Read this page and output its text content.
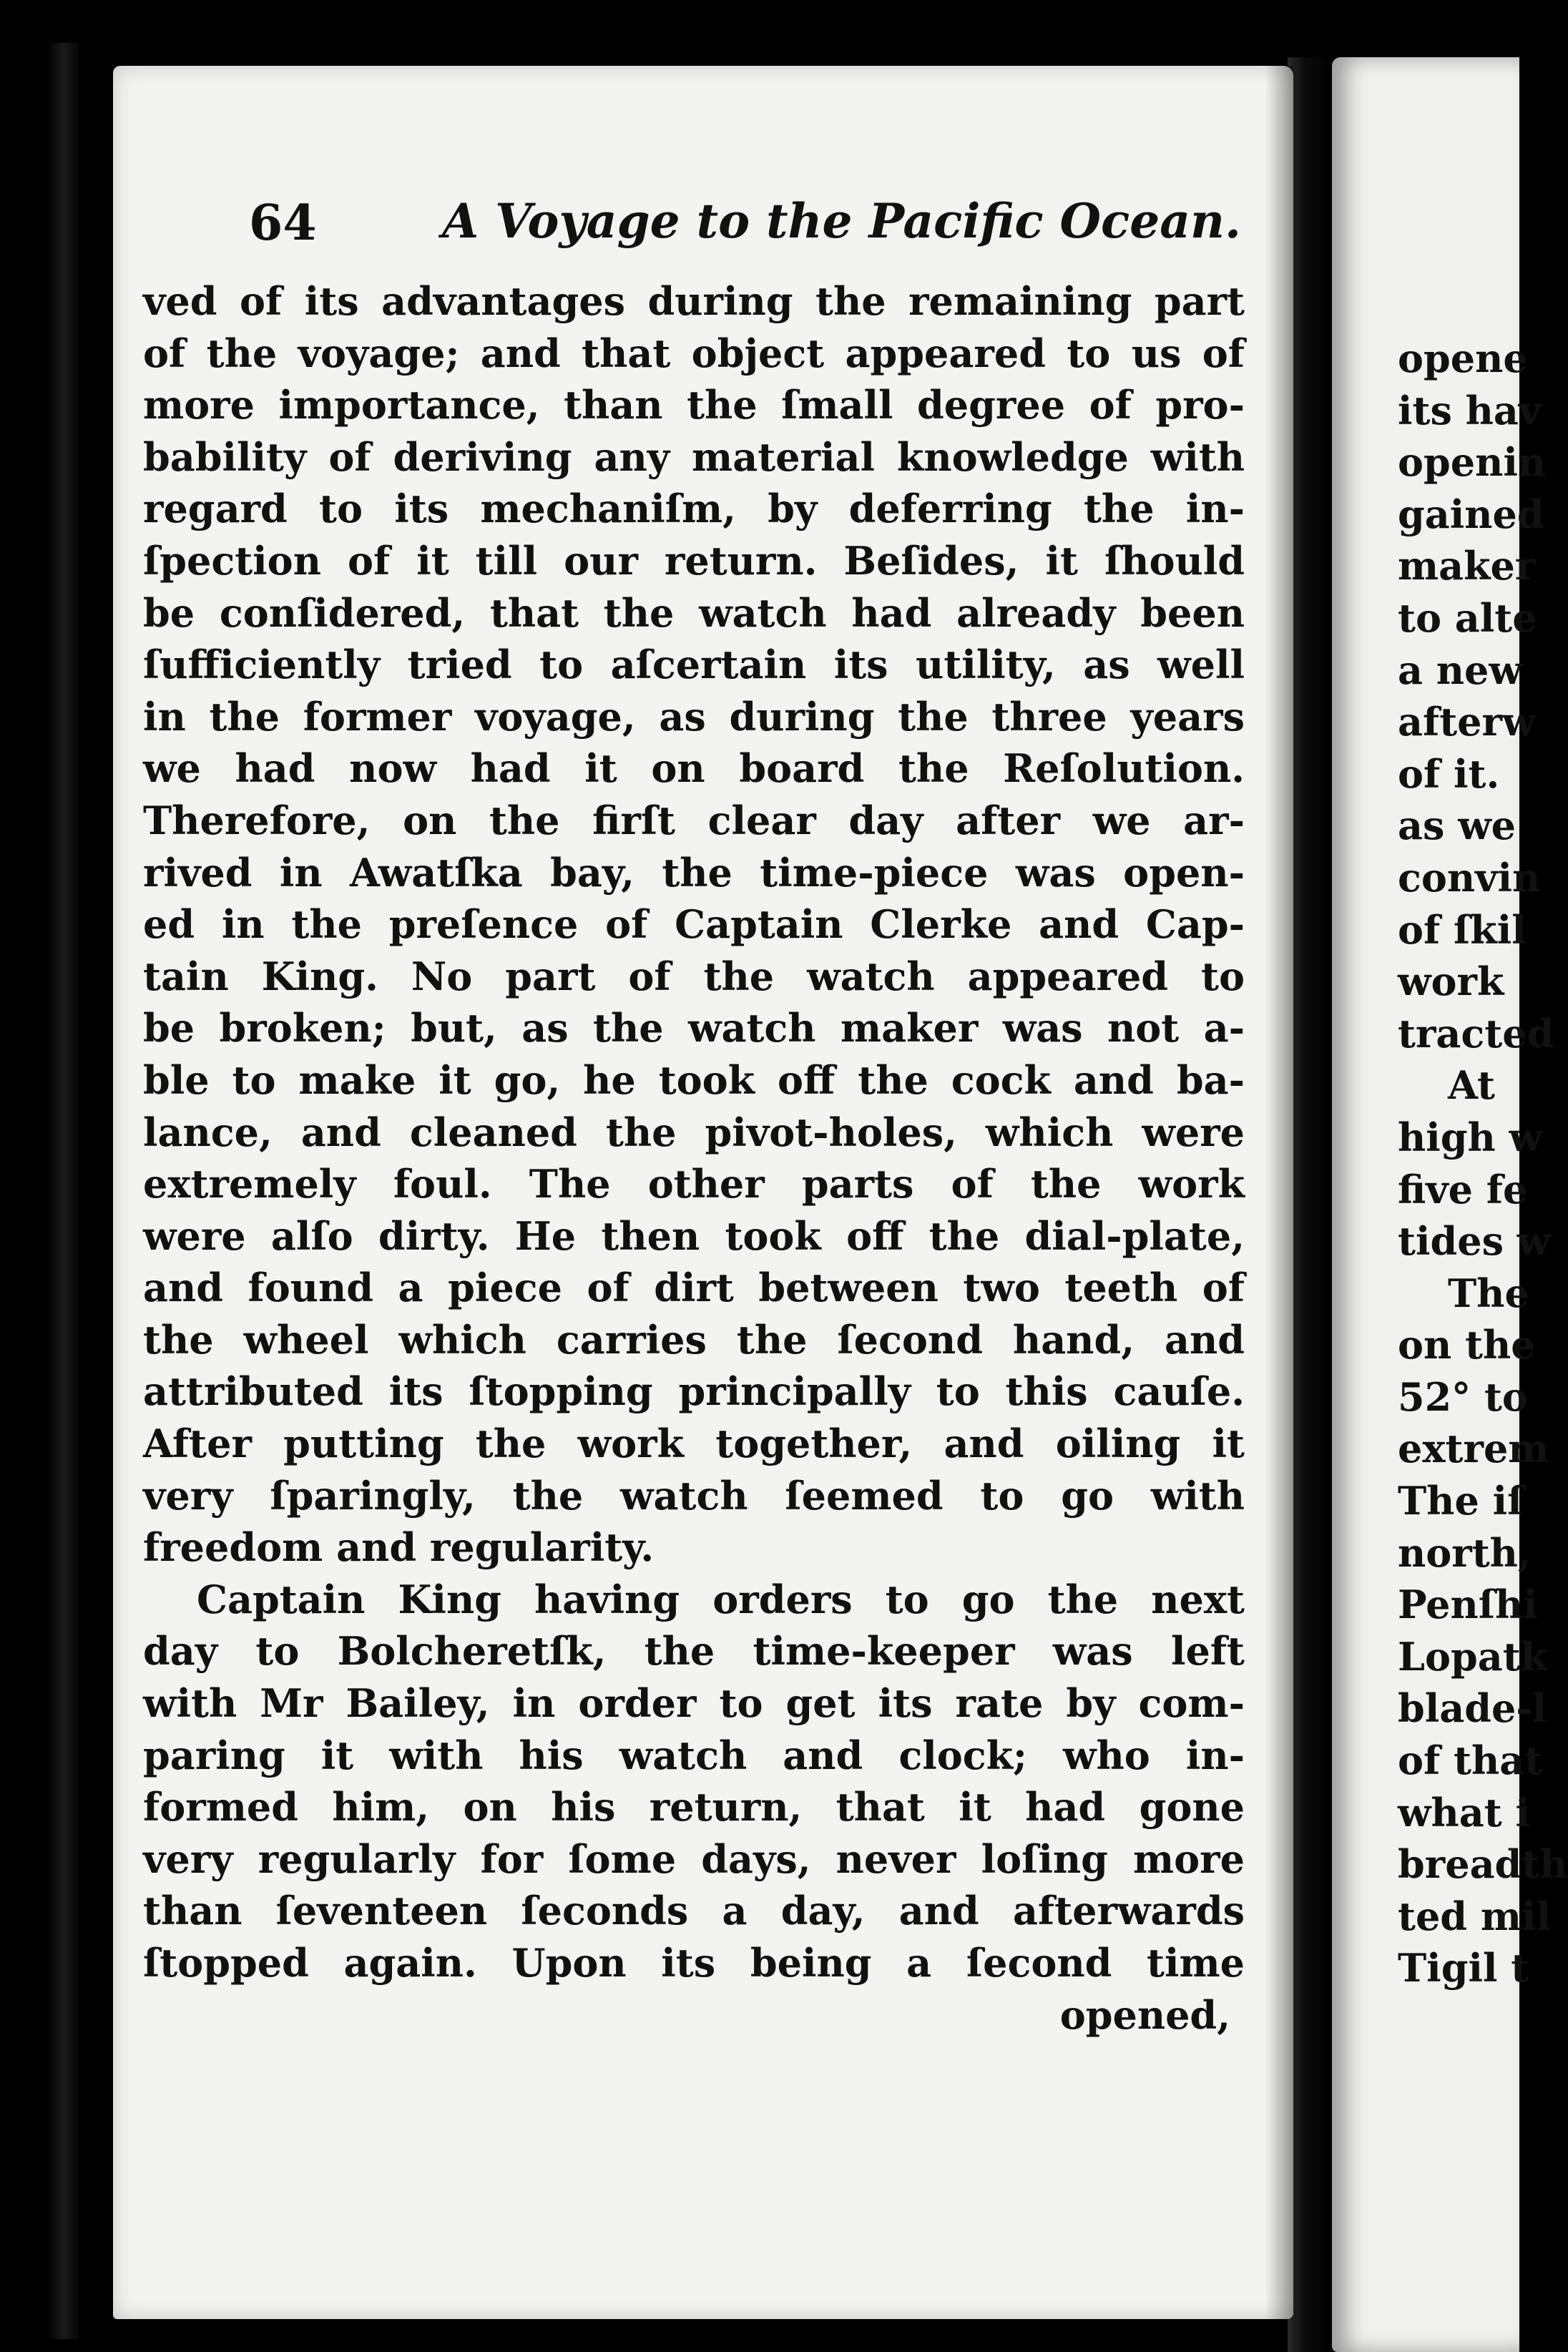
64	A Voyage to the Pacific Ocean.
ved of its advantages during the remaining part
of the voyage; and that object appeared to us of
more importance, than the ſmall degree of pro-
bability of deriving any material knowledge with
regard to its mechaniſm, by deferring the in-
ſpection of it till our return. Beſides, it ſhould
be conſidered, that the watch had already been
ſufficiently tried to aſcertain its utility, as well
in the former voyage, as during the three years
we had now had it on board the Reſolution.
Therefore, on the firſt clear day after we ar-
rived in Awatſka bay, the time-piece was open-
ed in the preſence of Captain Clerke and Cap-
tain King. No part of the watch appeared to
be broken; but, as the watch maker was not a-
ble to make it go, he took off the cock and ba-
lance, and cleaned the pivot-holes, which were
extremely foul. The other parts of the work
were alſo dirty. He then took off the dial-plate,
and found a piece of dirt between two teeth of
the wheel which carries the ſecond hand, and
attributed its ſtopping principally to this cauſe.
After putting the work together, and oiling it
very ſparingly, the watch ſeemed to go with
freedom and regularity.
Captain King having orders to go the next
day to Bolcheretſk, the time-keeper was left
with Mr Bailey, in order to get its rate by com-
paring it with his watch and clock; who in-
formed him, on his return, that it had gone
very regularly for ſome days, never loſing more
than ſeventeen ſeconds a day, and afterwards
ſtopped again. Upon its being a ſecond time
opened,
opene
its hav
openin
gained
maker
to alte
a new
afterw
of it.
as we
convin
of ſkil
work
tracted
At
high w
five fe
tides w
The
on the
52° to
extrem
The iſ
north,
Penſhi
Lopatk
blade-l
of that
what i
breadth
ted mil
Tigil t
